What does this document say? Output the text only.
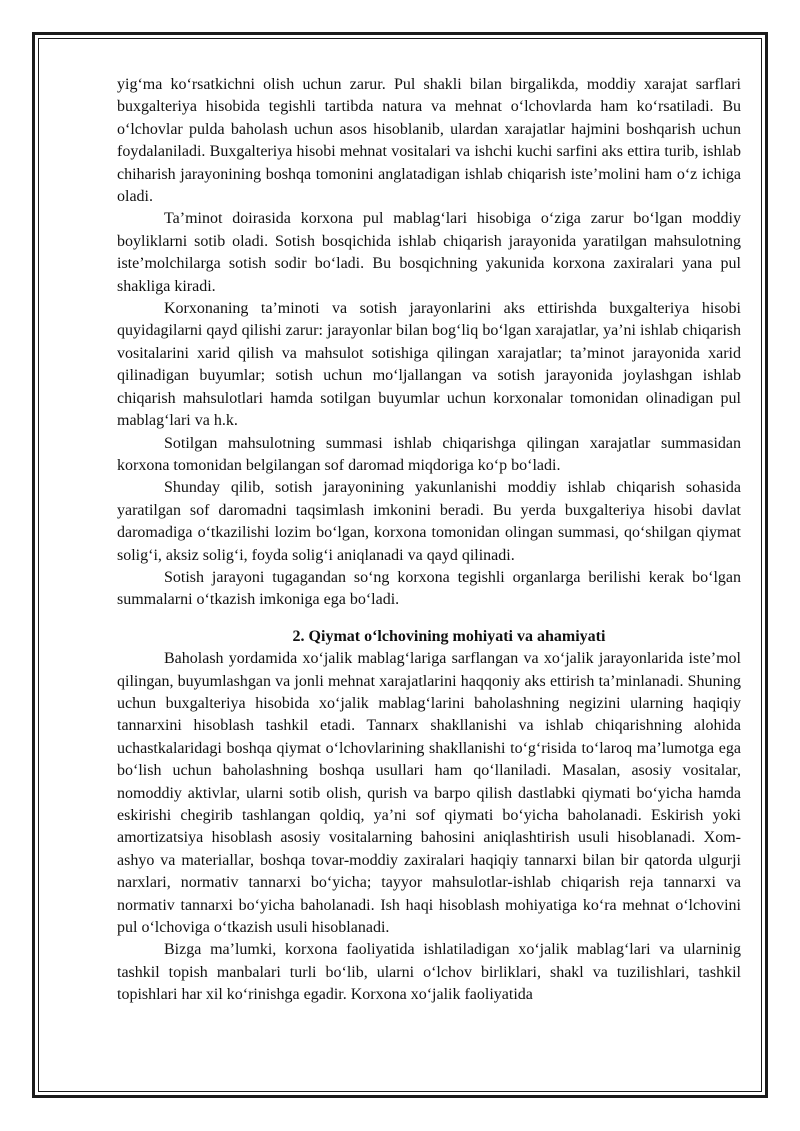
yig‘ma ko‘rsatkichni olish uchun zarur. Pul shakli bilan birgalikda, moddiy xarajat sarflari buxgalteriya hisobida tegishli tartibda natura va mehnat o‘lchovlarda ham ko‘rsatiladi. Bu o‘lchovlar pulda baholash uchun asos hisoblanib, ulardan xarajatlar hajmini boshqarish uchun foydalaniladi. Buxgalteriya hisobi mehnat vositalari va ishchi kuchi sarfini aks ettira turib, ishlab chiharish jarayonining boshqa tomonini anglatadigan ishlab chiqarish iste’molini ham o‘z ichiga oladi.

Ta’minot doirasida korxona pul mablag‘lari hisobiga o‘ziga zarur bo‘lgan moddiy boyliklarni sotib oladi. Sotish bosqichida ishlab chiqarish jarayonida yaratilgan mahsulotning iste’molchilarga sotish sodir bo‘ladi. Bu bosqichning yakunida korxona zaxiralari yana pul shakliga kiradi.

Korxonaning ta’minoti va sotish jarayonlarini aks ettirishda buxgalteriya hisobi quyidagilarni qayd qilishi zarur: jarayonlar bilan bog‘liq bo‘lgan xarajatlar, ya’ni ishlab chiqarish vositalarini xarid qilish va mahsulot sotishiga qilingan xarajatlar; ta’minot jarayonida xarid qilinadigan buyumlar; sotish uchun mo‘ljallangan va sotish jarayonida joylashgan ishlab chiqarish mahsulotlari hamda sotilgan buyumlar uchun korxonalar tomonidan olinadigan pul mablag‘lari va h.k.

Sotilgan mahsulotning summasi ishlab chiqarishga qilingan xarajatlar summasidan korxona tomonidan belgilangan sof daromad miqdoriga ko‘p bo‘ladi.

Shunday qilib, sotish jarayonining yakunlanishi moddiy ishlab chiqarish sohasida yaratilgan sof daromadni taqsimlash imkonini beradi. Bu yerda buxgalteriya hisobi davlat daromadiga o‘tkazilishi lozim bo‘lgan, korxona tomonidan olingan summasi, qo‘shilgan qiymat solig‘i, aksiz solig‘i, foyda solig‘i aniqlanadi va qayd qilinadi.

Sotish jarayoni tugagandan so‘ng korxona tegishli organlarga berilishi kerak bo‘lgan summalarni o‘tkazish imkoniga ega bo‘ladi.

2. Qiymat o‘lchovining mohiyati va ahamiyati

Baholash yordamida xo‘jalik mablag‘lariga sarflangan va xo‘jalik jarayonlarida iste’mol qilingan, buyumlashgan va jonli mehnat xarajatlarini haqqoniy aks ettirish ta’minlanadi. Shuning uchun buxgalteriya hisobida xo‘jalik mablag‘larini baholashning negizini ularning haqiqiy tannarxini hisoblash tashkil etadi. Tannarx shakllanishi va ishlab chiqarishning alohida uchastkalaridagi boshqa qiymat o‘lchovlarining shakllanishi to‘g‘risida to‘laroq ma’lumotga ega bo‘lish uchun baholashning boshqa usullari ham qo‘llaniladi. Masalan, asosiy vositalar, nomoddiy aktivlar, ularni sotib olish, qurish va barpo qilish dastlabki qiymati bo‘yicha hamda eskirishi chegirib tashlangan qoldiq, ya’ni sof qiymati bo‘yicha baholanadi. Eskirish yoki amortizatsiya hisoblash asosiy vositalarning bahosini aniqlashtirish usuli hisoblanadi. Xom-ashyo va materiallar, boshqa tovar-moddiy zaxiralari haqiqiy tannarxi bilan bir qatorda ulgurji narxlari, normativ tannarxi bo‘yicha; tayyor mahsulotlar-ishlab chiqarish reja tannarxi va normativ tannarxi bo‘yicha baholanadi. Ish haqi hisoblash mohiyatiga ko‘ra mehnat o‘lchovini pul o‘lchoviga o‘tkazish usuli hisoblanadi.

Bizga ma’lumki, korxona faoliyatida ishlatiladigan xo‘jalik mablag‘lari va ularninig tashkil topish manbalari turli bo‘lib, ularni o‘lchov birliklari, shakl va tuzilishlari, tashkil topishlari har xil ko‘rinishga egadir. Korxona xo‘jalik faoliyatida
